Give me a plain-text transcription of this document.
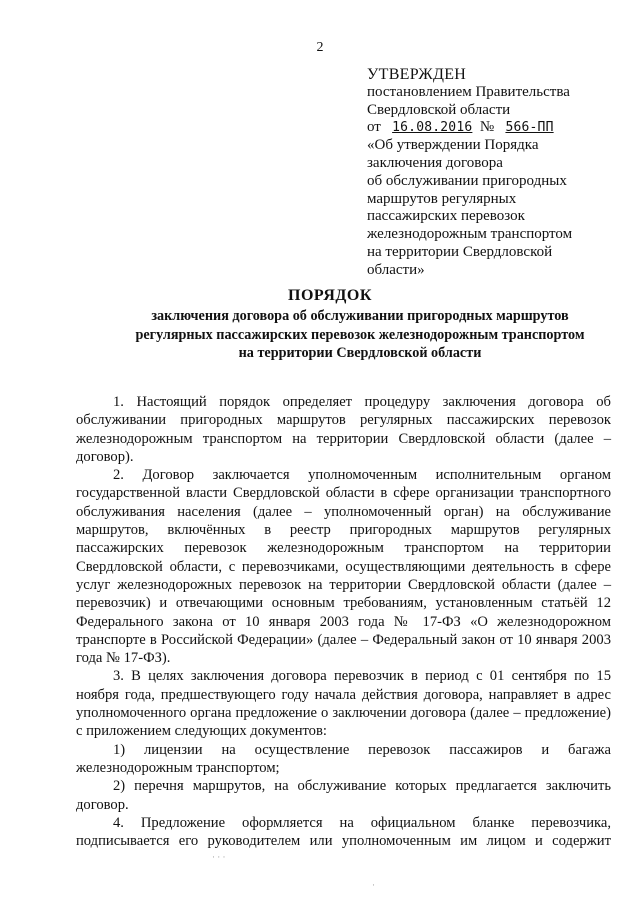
2
УТВЕРЖДЕН
постановлением Правительства
Свердловской области
от 16.08.2016 № 566-ПП
«Об утверждении Порядка
заключения договора
об обслуживании пригородных
маршрутов регулярных
пассажирских перевозок
железнодорожным транспортом
на территории Свердловской
области»
ПОРЯДОК
заключения договора об обслуживании пригородных маршрутов
регулярных пассажирских перевозок железнодорожным транспортом
на территории Свердловской области

1. Настоящий порядок определяет процедуру заключения договора об обслуживании пригородных маршрутов регулярных пассажирских перевозок железнодорожным транспортом на территории Свердловской области (далее – договор).

2. Договор заключается уполномоченным исполнительным органом государственной власти Свердловской области в сфере организации транспортного обслуживания населения (далее – уполномоченный орган) на обслуживание маршрутов, включённых в реестр пригородных маршрутов регулярных пассажирских перевозок железнодорожным транспортом на территории Свердловской области, с перевозчиками, осуществляющими деятельность в сфере услуг железнодорожных перевозок на территории Свердловской области (далее – перевозчик) и отвечающими основным требованиям, установленным статьёй 12 Федерального закона от 10 января 2003 года № 17-ФЗ «О железнодорожном транспорте в Российской Федерации» (далее – Федеральный закон от 10 января 2003 года № 17-ФЗ).

3. В целях заключения договора перевозчик в период с 01 сентября по 15 ноября года, предшествующего году начала действия договора, направляет в адрес уполномоченного органа предложение о заключении договора (далее – предложение) с приложением следующих документов:

1) лицензии на осуществление перевозок пассажиров и багажа железнодорожным транспортом;

2) перечня маршрутов, на обслуживание которых предлагается заключить договор.

4. Предложение оформляется на официальном бланке перевозчика, подписывается его руководителем или уполномоченным им лицом и содержит

· · ·
·
